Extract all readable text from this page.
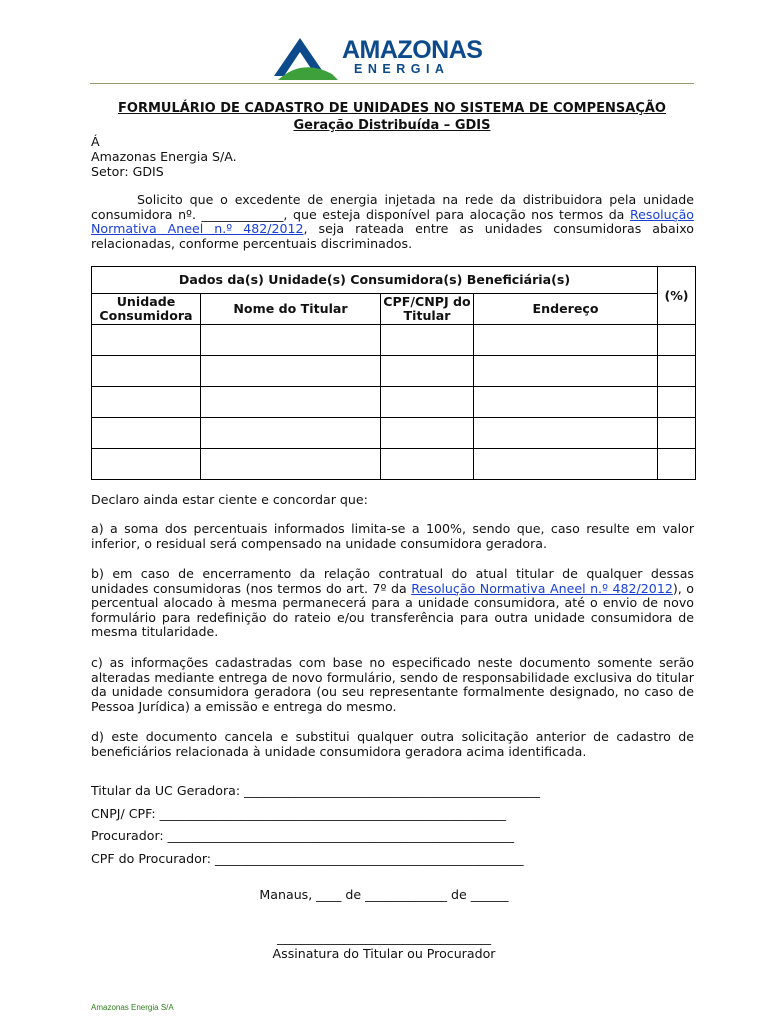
AMAZONAS
ENERGIA
FORMULÁRIO DE CADASTRO DE UNIDADES NO SISTEMA DE COMPENSAÇÃO
Geração Distribuída – GDIS
Á
Amazonas Energia S/A.
Setor: GDIS
Solicito que o excedente de energia injetada na rede da distribuidora pela unidade consumidora nº. _____________, que esteja disponível para alocação nos termos da Resolução Normativa Aneel n.º 482/2012, seja rateada entre as unidades consumidoras abaixo relacionadas, conforme percentuais discriminados.
Dados da(s) Unidade(s) Consumidora(s) Beneficiária(s)				(%)
Unidade Consumidora	Nome do Titular	CPF/CNPJ do Titular	Endereço	

Declaro ainda estar ciente e concordar que:
a) a soma dos percentuais informados limita-se a 100%, sendo que, caso resulte em valor inferior, o residual será compensado na unidade consumidora geradora.
b) em caso de encerramento da relação contratual do atual titular de qualquer dessas unidades consumidoras (nos termos do art. 7º da Resolução Normativa Aneel n.º 482/2012), o percentual alocado à mesma permanecerá para a unidade consumidora, até o envio de novo formulário para redefinição do rateio e/ou transferência para outra unidade consumidora de mesma titularidade.
c) as informações cadastradas com base no especificado neste documento somente serão alteradas mediante entrega de novo formulário, sendo de responsabilidade exclusiva do titular da unidade consumidora geradora (ou seu representante formalmente designado, no caso de Pessoa Jurídica) a emissão e entrega do mesmo.
d) este documento cancela e substitui qualquer outra solicitação anterior de cadastro de beneficiários relacionada à unidade consumidora geradora acima identificada.
Titular da UC Geradora: _______________________________________________
CNPJ/ CPF: _______________________________________________________
Procurador: _______________________________________________________
CPF do Procurador: _________________________________________________
Manaus, ____ de _____________ de ______
__________________________________
Assinatura do Titular ou Procurador
Amazonas Energia S/A
